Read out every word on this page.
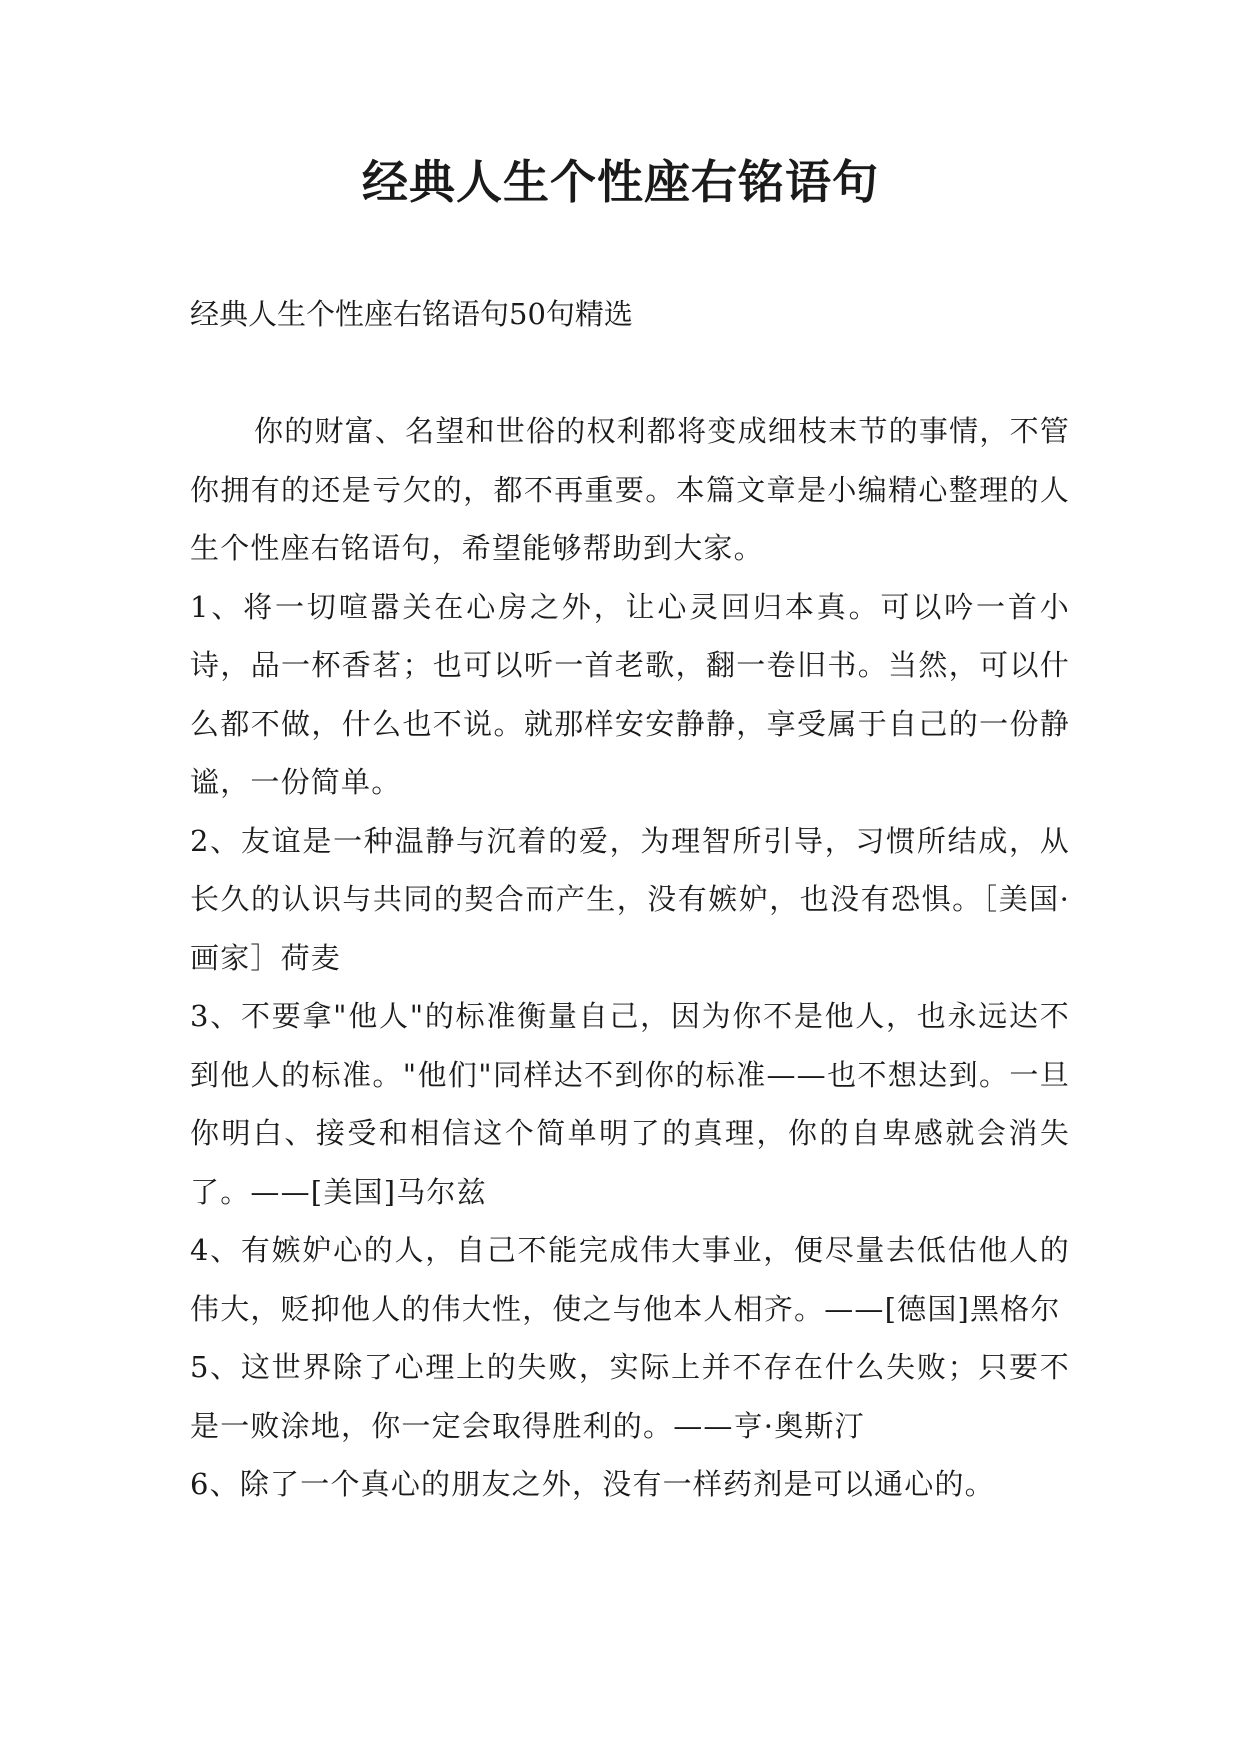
经典人生个性座右铭语句

经典人生个性座右铭语句50句精选

你的财富、名望和世俗的权利都将变成细枝末节的事情，不管你拥有的还是亏欠的，都不再重要。本篇文章是小编精心整理的人生个性座右铭语句，希望能够帮助到大家。

1、将一切喧嚣关在心房之外，让心灵回归本真。可以吟一首小诗，品一杯香茗；也可以听一首老歌，翻一卷旧书。当然，可以什么都不做，什么也不说。就那样安安静静，享受属于自己的一份静谧，一份简单。

2、友谊是一种温静与沉着的爱，为理智所引导，习惯所结成，从长久的认识与共同的契合而产生，没有嫉妒，也没有恐惧。［美国·画家］荷麦

3、不要拿"他人"的标准衡量自己，因为你不是他人，也永远达不到他人的标准。"他们"同样达不到你的标准——也不想达到。一旦你明白、接受和相信这个简单明了的真理，你的自卑感就会消失了。——[美国]马尔兹

4、有嫉妒心的人，自己不能完成伟大事业，便尽量去低估他人的伟大，贬抑他人的伟大性，使之与他本人相齐。——[德国]黑格尔

5、这世界除了心理上的失败，实际上并不存在什么失败；只要不是一败涂地，你一定会取得胜利的。——亨·奥斯汀

6、除了一个真心的朋友之外，没有一样药剂是可以通心的。
